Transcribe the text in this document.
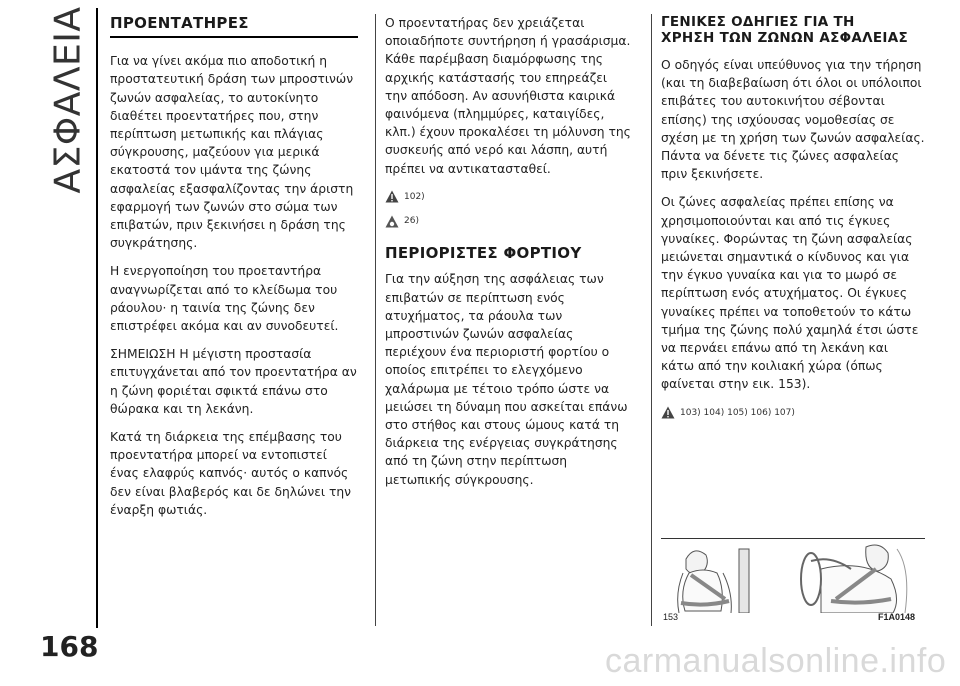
ΑΣΦΑΛΕΙΑ ΠΡΟΕΝΤΑΤΗΡΕΣ

Για να γίνει ακόμα πιο αποδοτική η προστατευτική δράση των μπροστινών ζωνών ασφαλείας, το αυτοκίνητο διαθέτει προεντατήρες που, στην περίπτωση μετωπικής και πλάγιας σύγκρουσης, μαζεύουν για μερικά εκατοστά τον ιμάντα της ζώνης ασφαλείας εξασφαλίζοντας την άριστη εφαρμογή των ζωνών στο σώμα των επιβατών, πριν ξεκινήσει η δράση της συγκράτησης.

Η ενεργοποίηση του προεταντήρα αναγνωρίζεται από το κλείδωμα του ράουλου· η ταινία της ζώνης δεν επιστρέφει ακόμα και αν συνοδευτεί.

ΣΗΜΕΙΩΣΗ Η μέγιστη προστασία επιτυγχάνεται από τον προεντατήρα αν η ζώνη φοριέται σφικτά επάνω στο θώρακα και τη λεκάνη.

Κατά τη διάρκεια της επέμβασης του προεντατήρα μπορεί να εντοπιστεί ένας ελαφρύς καπνός· αυτός ο καπνός δεν είναι βλαβερός και δε δηλώνει την έναρξη φωτιάς.

Ο προεντατήρας δεν χρειάζεται οποιαδήποτε συντήρηση ή γρασάρισμα. Κάθε παρέμβαση διαμόρφωσης της αρχικής κατάστασής του επηρεάζει την απόδοση. Αν ασυνήθιστα καιρικά φαινόμενα (πλημμύρες, καταιγίδες, κλπ.) έχουν προκαλέσει τη μόλυνση της συσκευής από νερό και λάσπη, αυτή πρέπει να αντικατασταθεί.

102)
26)
ΠΕΡΙΟΡΙΣΤΕΣ ΦΟΡΤΙΟΥ

Για την αύξηση της ασφάλειας των επιβατών σε περίπτωση ενός ατυχήματος, τα ράουλα των μπροστινών ζωνών ασφαλείας περιέχουν ένα περιοριστή φορτίου ο οποίος επιτρέπει το ελεγχόμενο χαλάρωμα με τέτοιο τρόπο ώστε να μειώσει τη δύναμη που ασκείται επάνω στο στήθος και στους ώμους κατά τη διάρκεια της ενέργειας συγκράτησης από τη ζώνη στην περίπτωση μετωπικής σύγκρουσης.

ΓΕΝΙΚΕΣ ΟΔΗΓΙΕΣ ΓΙΑ ΤΗ
ΧΡΗΣΗ ΤΩΝ ΖΩΝΩΝ ΑΣΦΑΛΕΙΑΣ

Ο οδηγός είναι υπεύθυνος για την τήρηση (και τη διαβεβαίωση ότι όλοι οι υπόλοιποι επιβάτες του αυτοκινήτου σέβονται επίσης) της ισχύουσας νομοθεσίας σε σχέση με τη χρήση των ζωνών ασφαλείας. Πάντα να δένετε τις ζώνες ασφαλείας πριν ξεκινήσετε.

Οι ζώνες ασφαλείας πρέπει επίσης να χρησιμοποιούνται και από τις έγκυες γυναίκες. Φορώντας τη ζώνη ασφαλείας μειώνεται σημαντικά ο κίνδυνος και για την έγκυο γυναίκα και για το μωρό σε περίπτωση ενός ατυχήματος. Οι έγκυες γυναίκες πρέπει να τοποθετούν το κάτω τμήμα της ζώνης πολύ χαμηλά έτσι ώστε να περνάει επάνω από τη λεκάνη και κάτω από την κοιλιακή χώρα (όπως φαίνεται στην εικ. 153).

103) 104) 105) 106) 107)
153	F1A0148
168	carmanualsonline.info
